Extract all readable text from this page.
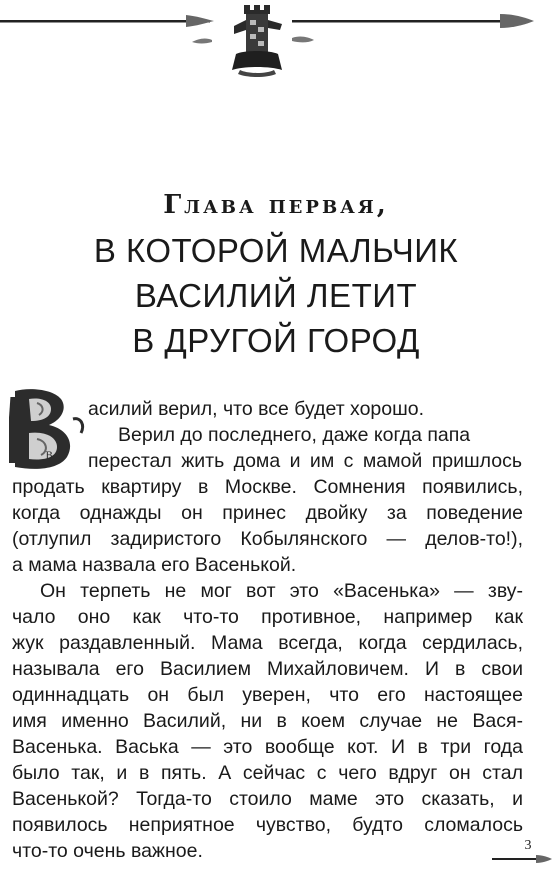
Глава первая,
В КОТОРОЙ МАЛЬЧИК
ВАСИЛИЙ ЛЕТИТ
В ДРУГОЙ ГОРОД
В
асилий верил, что все будет хорошо.
Верил до последнего, даже когда папа
перестал жить дома и им с мамой пришлось
продать квартиру в Москве. Сомнения появились,
когда однажды он принес двойку за поведение
(отлупил задиристого Кобылянского — делов-то!),
а мама назвала его Васенькой.
Он терпеть не мог вот это «Васенька» — зву-
чало оно как что-то противное, например как
жук раздавленный. Мама всегда, когда сердилась,
называла его Василием Михайловичем. И в свои
одиннадцать он был уверен, что его настоящее
имя именно Василий, ни в коем случае не Вася-
Васенька. Васька — это вообще кот. И в три года
было так, и в пять. А сейчас с чего вдруг он стал
Васенькой? Тогда-то стоило маме это сказать, и
появилось неприятное чувство, будто сломалось
что-то очень важное.	3
